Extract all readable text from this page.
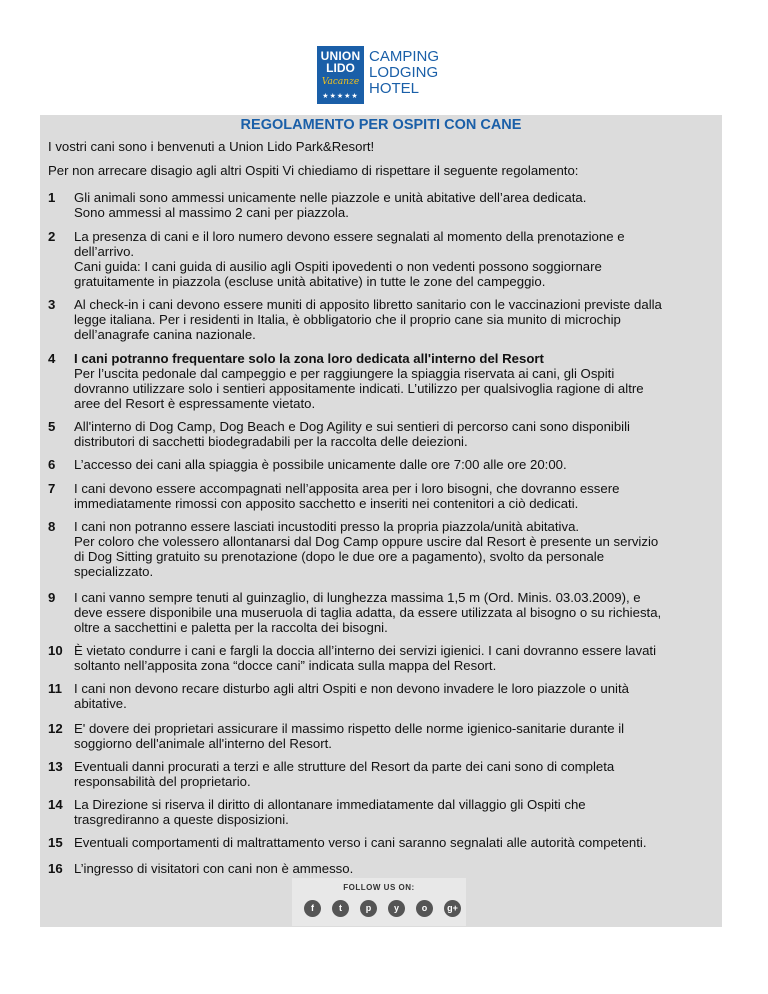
UNION
LIDO
Vacanze
★★★★★
CAMPING
LODGING
HOTEL
REGOLAMENTO PER OSPITI CON CANE
I vostri cani sono i benvenuti a Union Lido Park&Resort!
Per non arrecare disagio agli altri Ospiti Vi chiediamo di rispettare il seguente regolamento:
1 Gli animali sono ammessi unicamente nelle piazzole e unità abitative dell’area dedicata.
Sono ammessi al massimo 2 cani per piazzola.
2 La presenza di cani e il loro numero devono essere segnalati al momento della prenotazione e
dell’arrivo.
Cani guida: I cani guida di ausilio agli Ospiti ipovedenti o non vedenti possono soggiornare
gratuitamente in piazzola (escluse unità abitative) in tutte le zone del campeggio.
3 Al check-in i cani devono essere muniti di apposito libretto sanitario con le vaccinazioni previste dalla
legge italiana. Per i residenti in Italia, è obbligatorio che il proprio cane sia munito di microchip
dell’anagrafe canina nazionale.
4 I cani potranno frequentare solo la zona loro dedicata all'interno del Resort
Per l’uscita pedonale dal campeggio e per raggiungere la spiaggia riservata ai cani, gli Ospiti
dovranno utilizzare solo i sentieri appositamente indicati. L’utilizzo per qualsivoglia ragione di altre
aree del Resort è espressamente vietato.
5 All'interno di Dog Camp, Dog Beach e Dog Agility e sui sentieri di percorso cani sono disponibili
distributori di sacchetti biodegradabili per la raccolta delle deiezioni.
6 L’accesso dei cani alla spiaggia è possibile unicamente dalle ore 7:00 alle ore 20:00.
7 I cani devono essere accompagnati nell’apposita area per i loro bisogni, che dovranno essere
immediatamente rimossi con apposito sacchetto e inseriti nei contenitori a ciò dedicati.
8 I cani non potranno essere lasciati incustoditi presso la propria piazzola/unità abitativa.
Per coloro che volessero allontanarsi dal Dog Camp oppure uscire dal Resort è presente un servizio
di Dog Sitting gratuito su prenotazione (dopo le due ore a pagamento), svolto da personale
specializzato.
9 I cani vanno sempre tenuti al guinzaglio, di lunghezza massima 1,5 m (Ord. Minis. 03.03.2009), e
deve essere disponibile una museruola di taglia adatta, da essere utilizzata al bisogno o su richiesta,
oltre a sacchettini e paletta per la raccolta dei bisogni.
10 È vietato condurre i cani e fargli la doccia all’interno dei servizi igienici. I cani dovranno essere lavati
soltanto nell’apposita zona “docce cani” indicata sulla mappa del Resort.
11 I cani non devono recare disturbo agli altri Ospiti e non devono invadere le loro piazzole o unità
abitative.
12 E' dovere dei proprietari assicurare il massimo rispetto delle norme igienico-sanitarie durante il
soggiorno dell'animale all'interno del Resort.
13 Eventuali danni procurati a terzi e alle strutture del Resort da parte dei cani sono di completa
responsabilità del proprietario.
14 La Direzione si riserva il diritto di allontanare immediatamente dal villaggio gli Ospiti che
trasgrediranno a queste disposizioni.
15 Eventuali comportamenti di maltrattamento verso i cani saranno segnalati alle autorità competenti.
16 L’ingresso di visitatori con cani non è ammesso.
FOLLOW US ON:
f	t	p	y	o	g+
